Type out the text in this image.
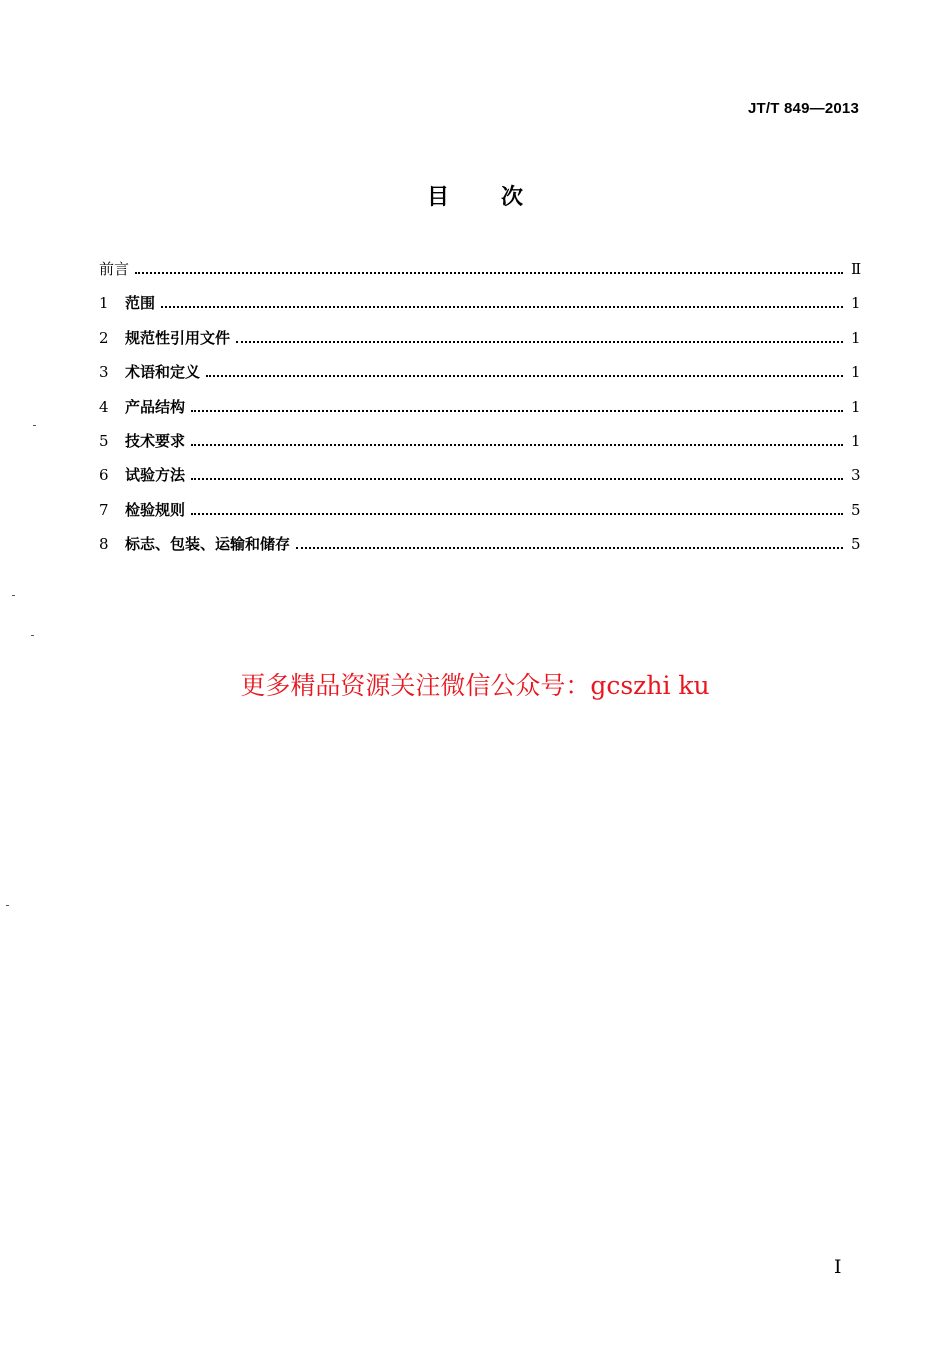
JT/T 849—2013
目 次
前言	Ⅱ
1	范围	1
2	规范性引用文件	1
3	术语和定义	1
4	产品结构	1
5	技术要求	1
6	试验方法	3
7	检验规则	5
8	标志、包装、运输和储存	5
更多精品资源关注微信公众号：gcszhi ku
I
